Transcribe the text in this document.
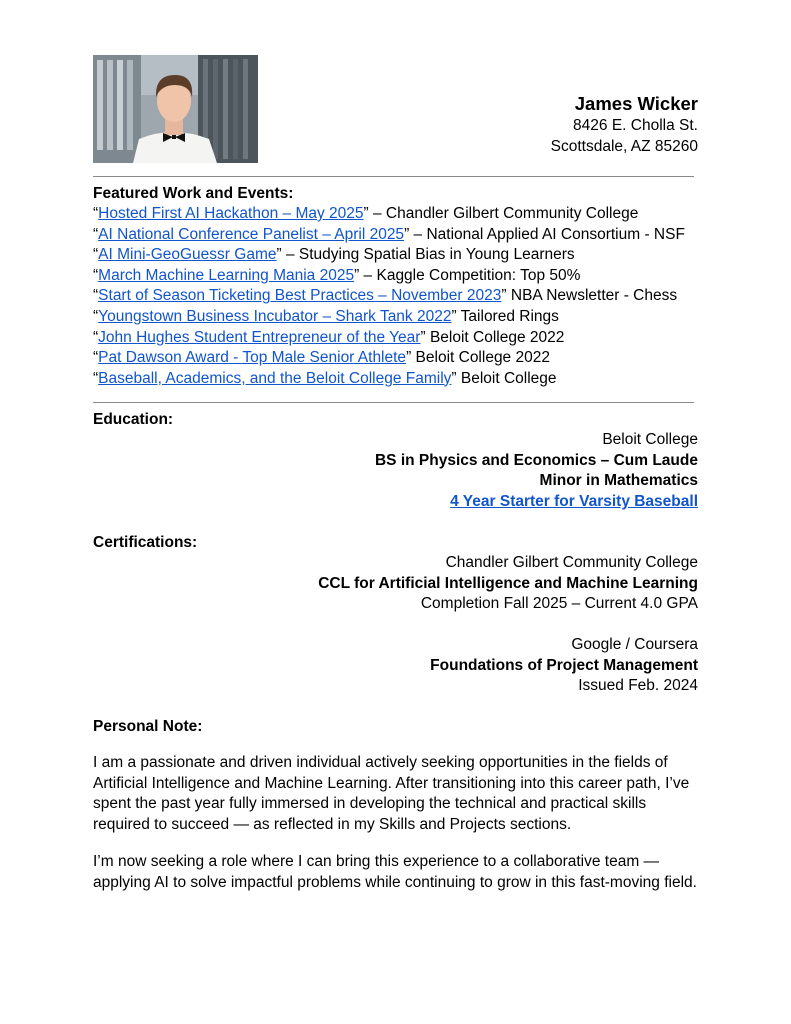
James Wicker
8426 E. Cholla St.
Scottsdale, AZ 85260
Featured Work and Events:
“Hosted First AI Hackathon – May 2025” – Chandler Gilbert Community College
“AI National Conference Panelist – April 2025” – National Applied AI Consortium - NSF
“AI Mini-GeoGuessr Game” – Studying Spatial Bias in Young Learners
“March Machine Learning Mania 2025” – Kaggle Competition: Top 50%
“Start of Season Ticketing Best Practices – November 2023” NBA Newsletter - Chess
“Youngstown Business Incubator – Shark Tank 2022” Tailored Rings
“John Hughes Student Entrepreneur of the Year” Beloit College 2022
“Pat Dawson Award - Top Male Senior Athlete” Beloit College 2022
“Baseball, Academics, and the Beloit College Family” Beloit College
Education:
Beloit College
BS in Physics and Economics – Cum Laude
Minor in Mathematics
4 Year Starter for Varsity Baseball
Certifications:
Chandler Gilbert Community College
CCL for Artificial Intelligence and Machine Learning
Completion Fall 2025 – Current 4.0 GPA
Google / Coursera
Foundations of Project Management
Issued Feb. 2024
Personal Note:
I am a passionate and driven individual actively seeking opportunities in the fields of Artificial Intelligence and Machine Learning. After transitioning into this career path, I’ve spent the past year fully immersed in developing the technical and practical skills required to succeed — as reflected in my Skills and Projects sections.
I’m now seeking a role where I can bring this experience to a collaborative team — applying AI to solve impactful problems while continuing to grow in this fast-moving field.
